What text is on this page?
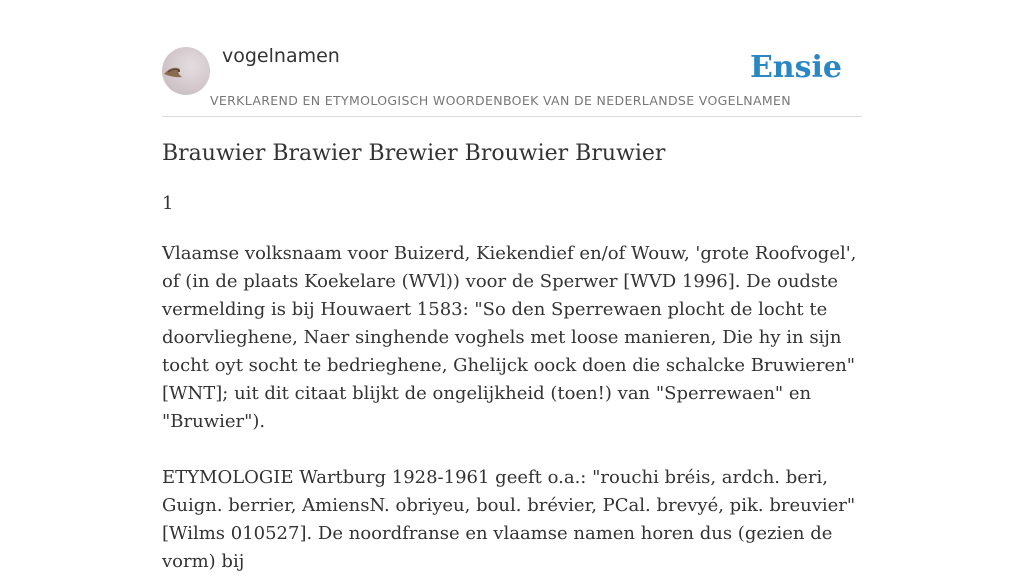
vogelnamen
VERKLAREND EN ETYMOLOGISCH WOORDENBOEK VAN DE NEDERLANDSE VOGELNAMEN
Ensie
Brauwier Brawier Brewier Brouwier Bruwier
1

Vlaamse volksnaam voor Buizerd, Kiekendief en/of Wouw, 'grote Roofvogel', of (in de plaats Koekelare (WVl)) voor de Sperwer [WVD 1996]. De oudste vermelding is bij Houwaert 1583: "So den Sperrewaen plocht de locht te doorvlieghene, Naer singhende voghels met loose manieren, Die hy in sijn tocht oyt socht te bedrieghene, Ghelijck oock doen die schalcke Bruwieren" [WNT]; uit dit citaat blijkt de ongelijkheid (toen!) van "Sperrewaen" en "Bruwier").

ETYMOLOGIE Wartburg 1928-1961 geeft o.a.: "rouchi bréis, ardch. beri, Guign. berrier, AmiensN. obriyeu, boul. brévier, PCal. brevyé, pik. breuvier" [Wilms 010527]. De noordfranse en vlaamse namen horen dus (gezien de vorm) bij
